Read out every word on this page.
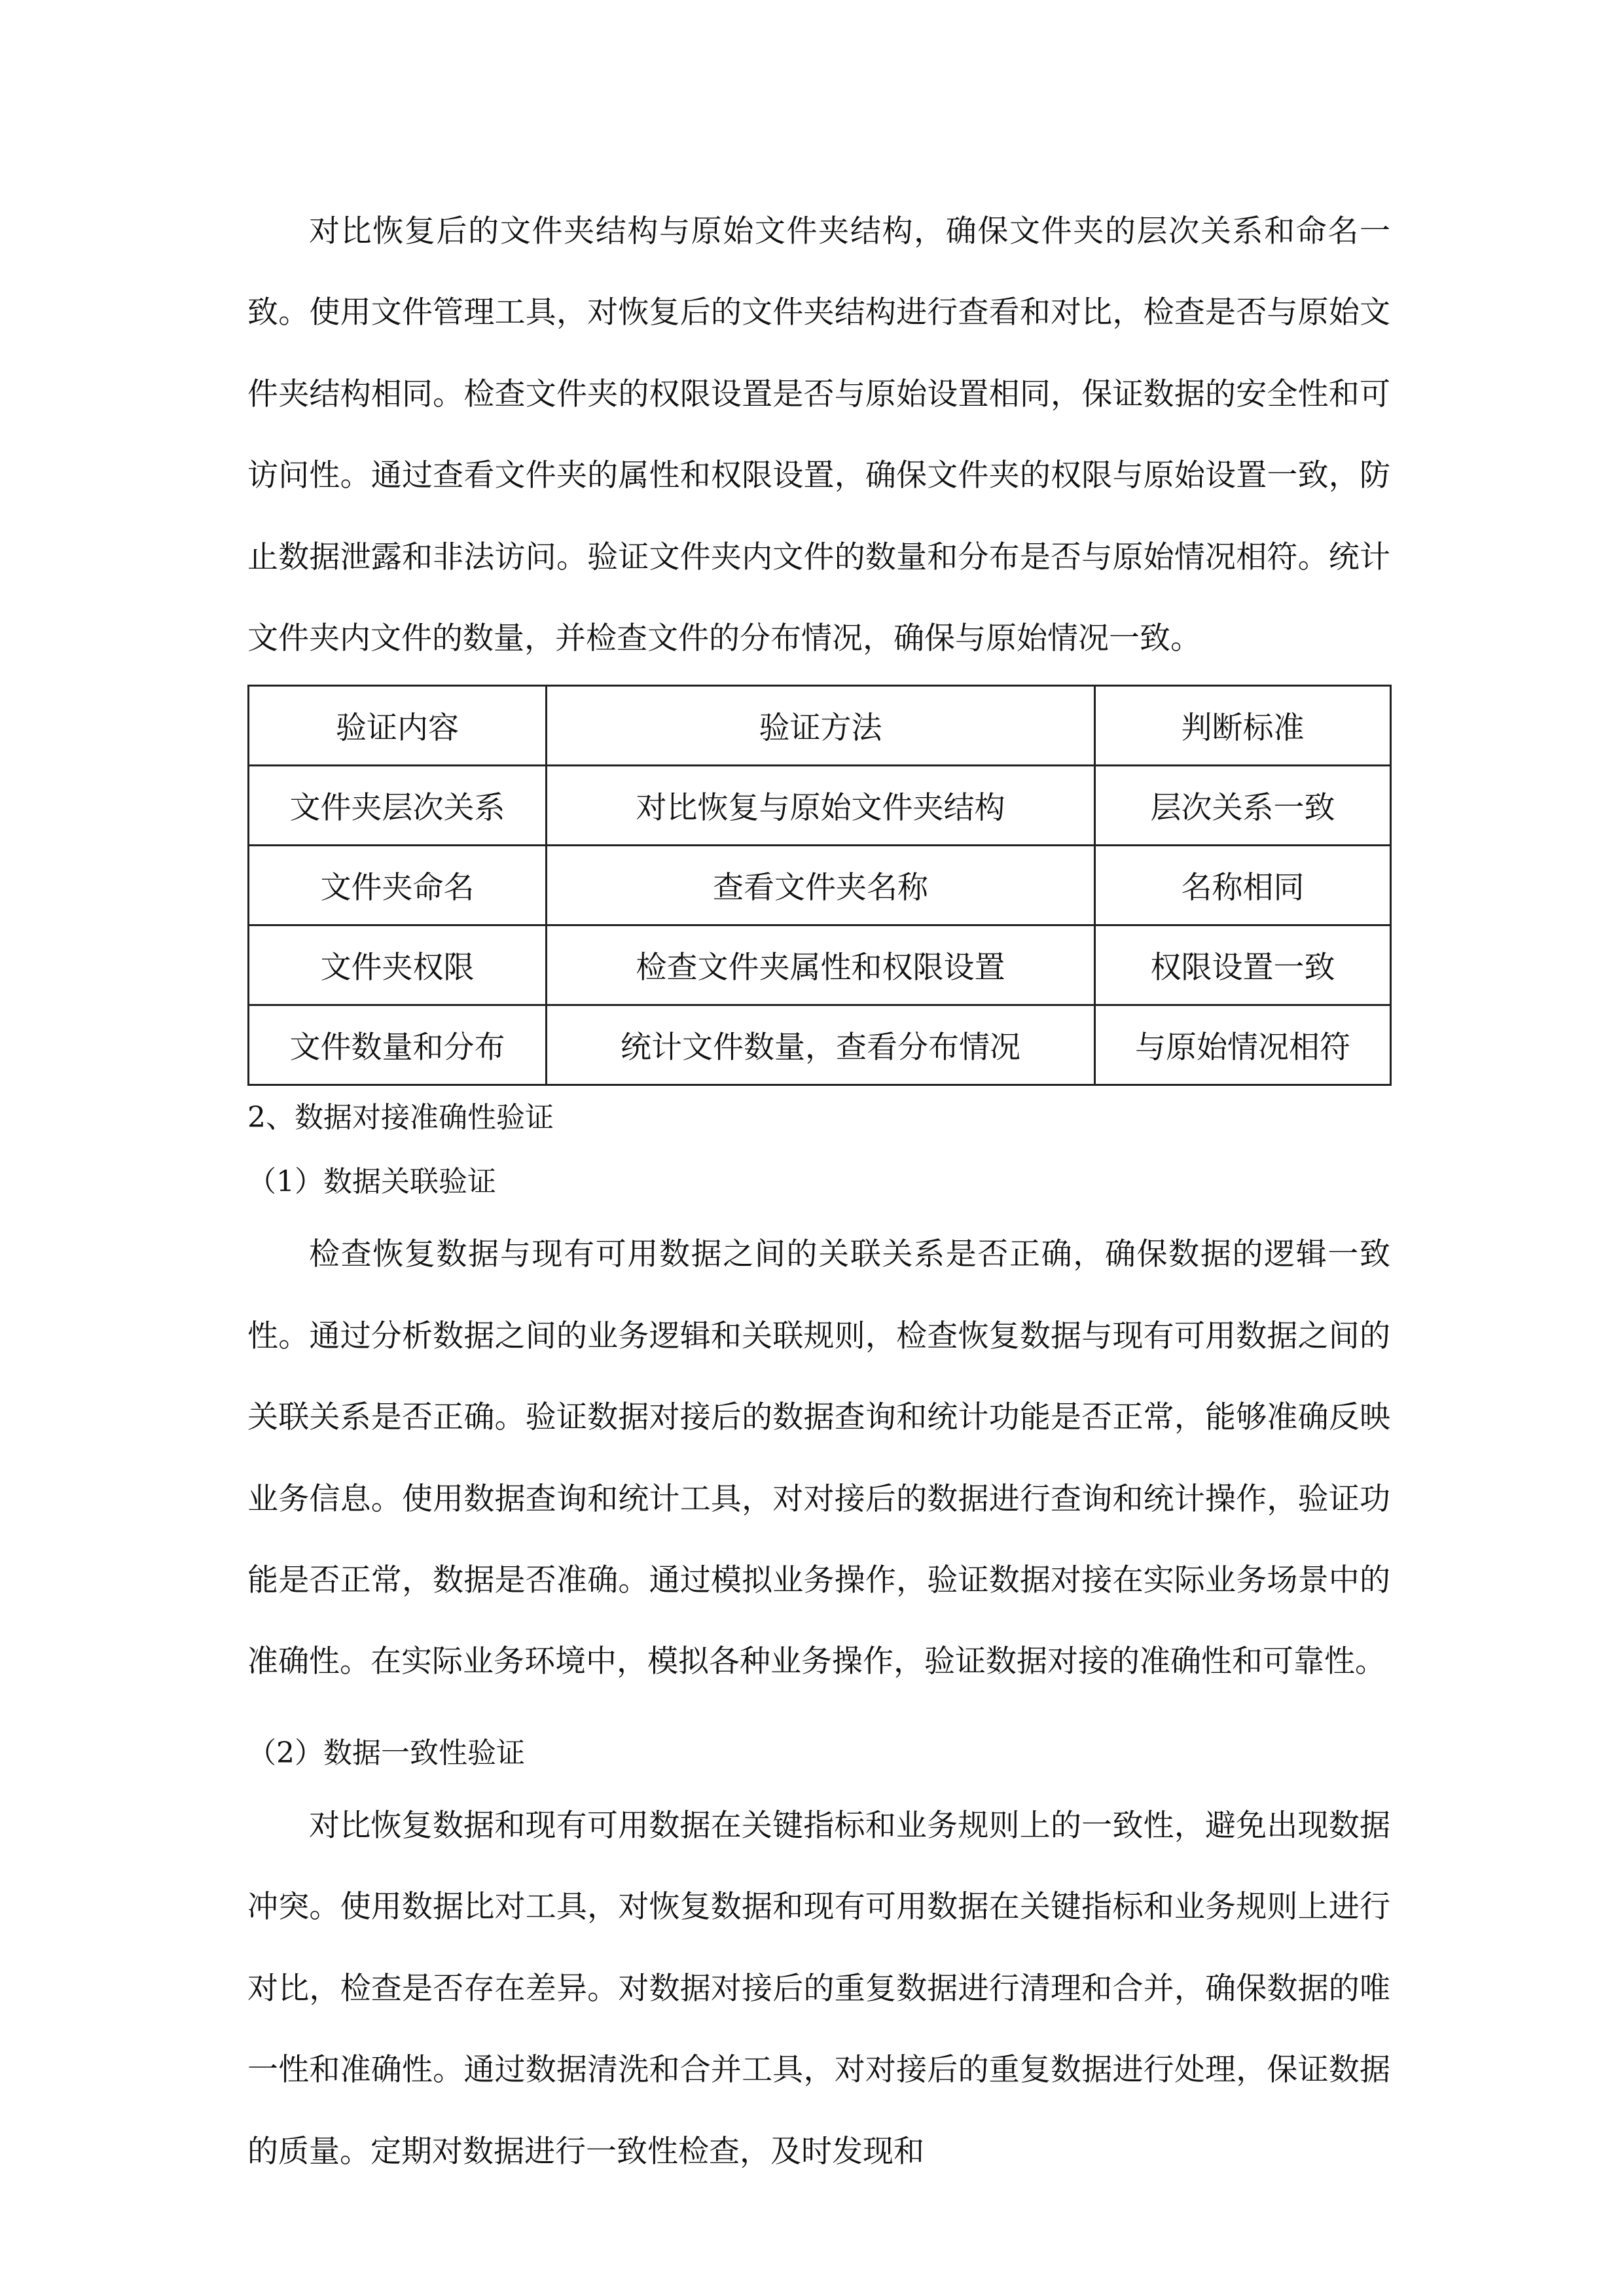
对比恢复后的文件夹结构与原始文件夹结构，确保文件夹的层次关系和命名一致。使用文件管理工具，对恢复后的文件夹结构进行查看和对比，检查是否与原始文件夹结构相同。检查文件夹的权限设置是否与原始设置相同，保证数据的安全性和可访问性。通过查看文件夹的属性和权限设置，确保文件夹的权限与原始设置一致，防止数据泄露和非法访问。验证文件夹内文件的数量和分布是否与原始情况相符。统计文件夹内文件的数量，并检查文件的分布情况，确保与原始情况一致。

验证内容	验证方法	判断标准
文件夹层次关系	对比恢复与原始文件夹结构	层次关系一致
文件夹命名	查看文件夹名称	名称相同
文件夹权限	检查文件夹属性和权限设置	权限设置一致
文件数量和分布	统计文件数量，查看分布情况	与原始情况相符

2、数据对接准确性验证

（1）数据关联验证

检查恢复数据与现有可用数据之间的关联关系是否正确，确保数据的逻辑一致性。通过分析数据之间的业务逻辑和关联规则，检查恢复数据与现有可用数据之间的关联关系是否正确。验证数据对接后的数据查询和统计功能是否正常，能够准确反映业务信息。使用数据查询和统计工具，对对接后的数据进行查询和统计操作，验证功能是否正常，数据是否准确。通过模拟业务操作，验证数据对接在实际业务场景中的准确性。在实际业务环境中，模拟各种业务操作，验证数据对接的准确性和可靠性。

（2）数据一致性验证

对比恢复数据和现有可用数据在关键指标和业务规则上的一致性，避免出现数据冲突。使用数据比对工具，对恢复数据和现有可用数据在关键指标和业务规则上进行对比，检查是否存在差异。对数据对接后的重复数据进行清理和合并，确保数据的唯一性和准确性。通过数据清洗和合并工具，对对接后的重复数据进行处理，保证数据的质量。定期对数据进行一致性检查，及时发现和
